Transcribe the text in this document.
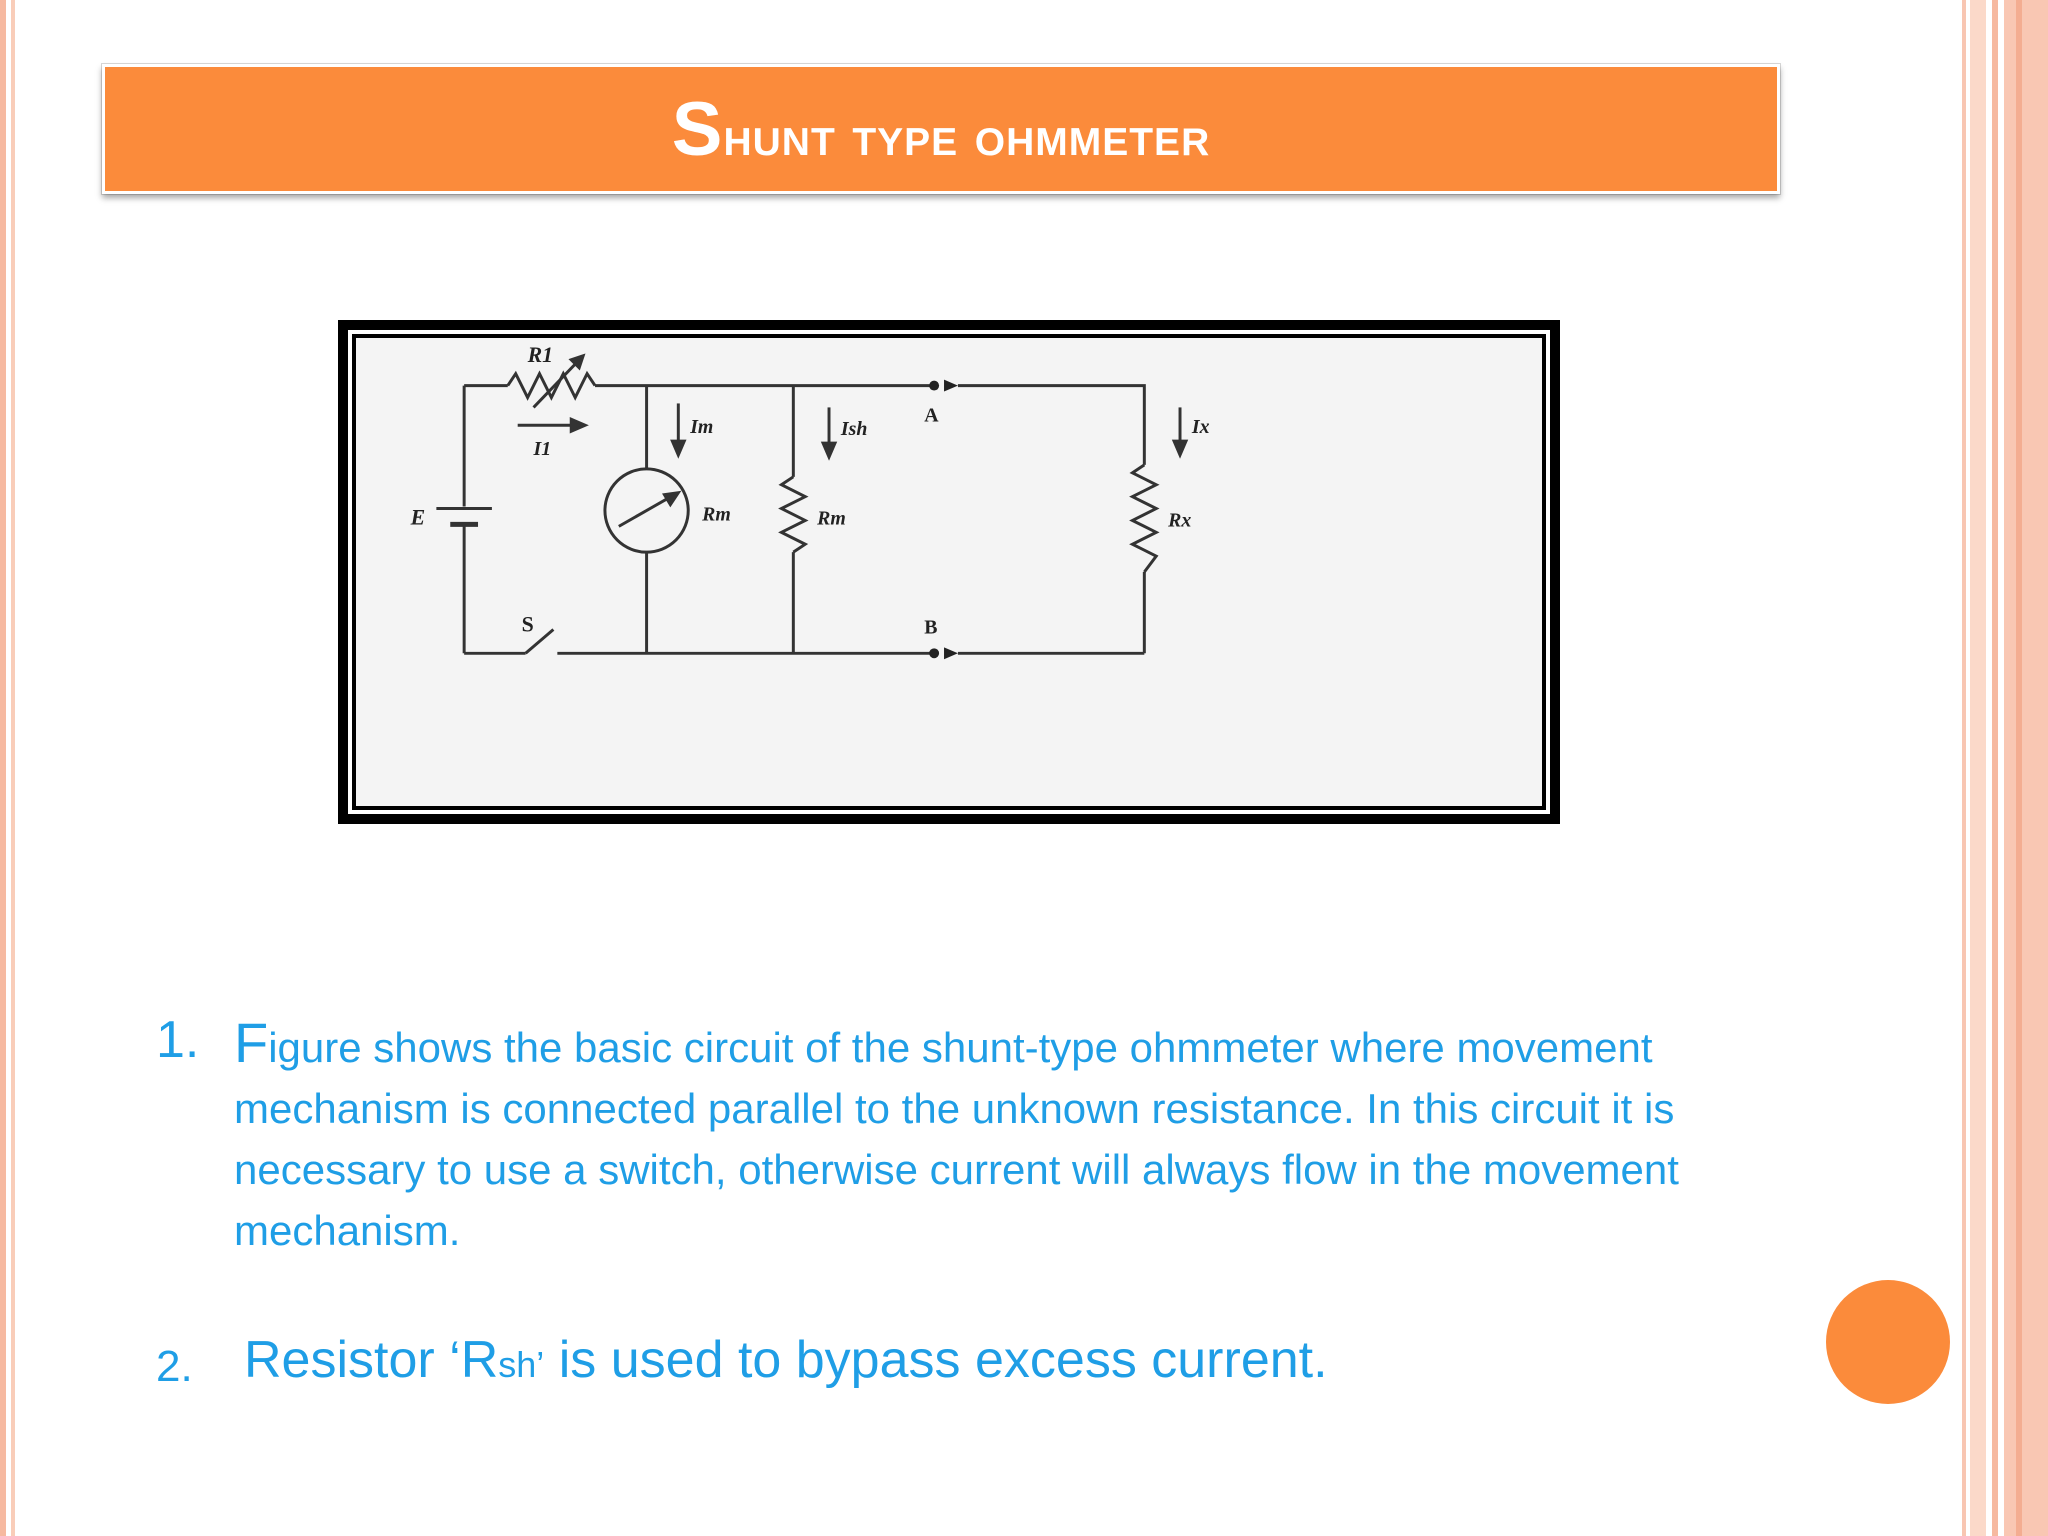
Shunt type ohmmeter
R1
I1
E
S
Im	Ish
Rm	Rm	Rx
Ix
A
B
1. Figure shows the basic circuit of the shunt-type ohmmeter where movement mechanism is connected parallel to the unknown resistance. In this circuit it is necessary to use a switch, otherwise current will always flow in the movement mechanism.
2. Resistor ‘Rsh’ is used to bypass excess current.
